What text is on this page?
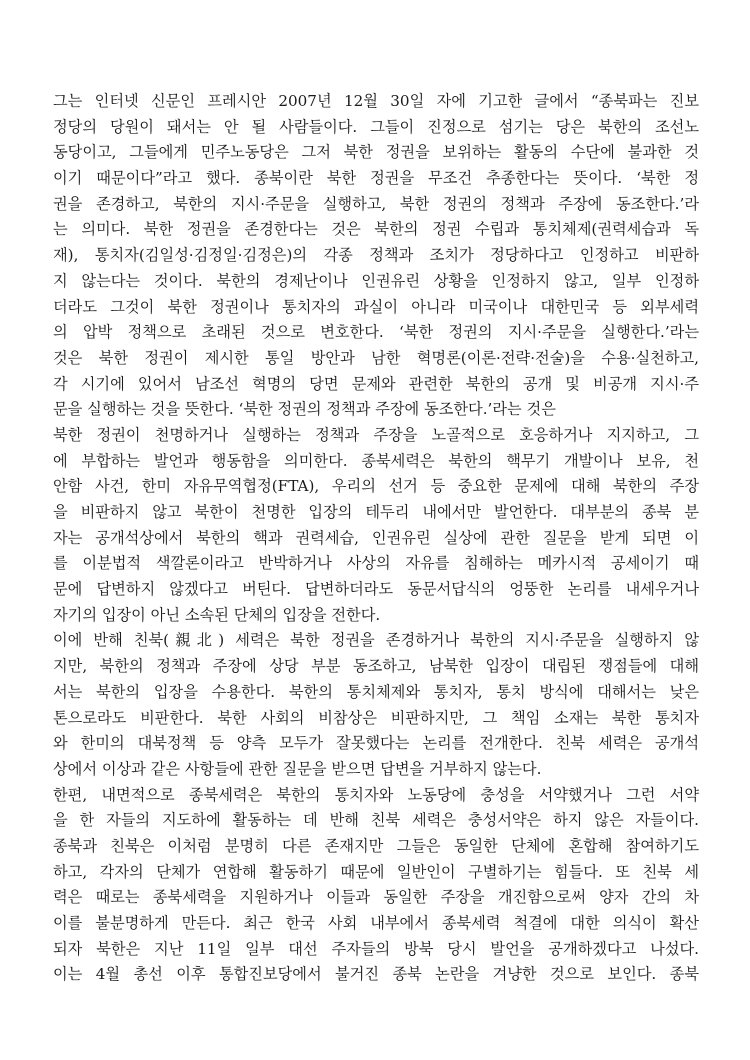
그는 인터넷 신문인 프레시안 2007년 12월 30일 자에 기고한 글에서 “종북파는 진보
정당의 당원이 돼서는 안 될 사람들이다. 그들이 진정으로 섬기는 당은 북한의 조선노
동당이고, 그들에게 민주노동당은 그저 북한 정권을 보위하는 활동의 수단에 불과한 것
이기 때문이다”라고 했다. 종북이란 북한 정권을 무조건 추종한다는 뜻이다. ‘북한 정
권을 존경하고, 북한의 지시·주문을 실행하고, 북한 정권의 정책과 주장에 동조한다.’라
는 의미다. 북한 정권을 존경한다는 것은 북한의 정권 수립과 통치체제(권력세습과 독
재), 통치자(김일성·김정일·김정은)의 각종 정책과 조치가 정당하다고 인정하고 비판하
지 않는다는 것이다. 북한의 경제난이나 인권유린 상황을 인정하지 않고, 일부 인정하
더라도 그것이 북한 정권이나 통치자의 과실이 아니라 미국이나 대한민국 등 외부세력
의 압박 정책으로 초래된 것으로 변호한다. ‘북한 정권의 지시·주문을 실행한다.’라는
것은 북한 정권이 제시한 통일 방안과 남한 혁명론(이론·전략·전술)을 수용·실천하고,
각 시기에 있어서 남조선 혁명의 당면 문제와 관련한 북한의 공개 및 비공개 지시·주
문을 실행하는 것을 뜻한다. ‘북한 정권의 정책과 주장에 동조한다.’라는 것은
북한 정권이 천명하거나 실행하는 정책과 주장을 노골적으로 호응하거나 지지하고, 그
에 부합하는 발언과 행동함을 의미한다. 종북세력은 북한의 핵무기 개발이나 보유, 천
안함 사건, 한미 자유무역협정(FTA), 우리의 선거 등 중요한 문제에 대해 북한의 주장
을 비판하지 않고 북한이 천명한 입장의 테두리 내에서만 발언한다. 대부분의 종북 분
자는 공개석상에서 북한의 핵과 권력세습, 인권유린 실상에 관한 질문을 받게 되면 이
를 이분법적 색깔론이라고 반박하거나 사상의 자유를 침해하는 메카시적 공세이기 때
문에 답변하지 않겠다고 버틴다. 답변하더라도 동문서답식의 엉뚱한 논리를 내세우거나
자기의 입장이 아닌 소속된 단체의 입장을 전한다.
이에 반해 친북(親北) 세력은 북한 정권을 존경하거나 북한의 지시·주문을 실행하지 않
지만, 북한의 정책과 주장에 상당 부분 동조하고, 남북한 입장이 대립된 쟁점들에 대해
서는 북한의 입장을 수용한다. 북한의 통치체제와 통치자, 통치 방식에 대해서는 낮은
톤으로라도 비판한다. 북한 사회의 비참상은 비판하지만, 그 책임 소재는 북한 통치자
와 한미의 대북정책 등 양측 모두가 잘못했다는 논리를 전개한다. 친북 세력은 공개석
상에서 이상과 같은 사항들에 관한 질문을 받으면 답변을 거부하지 않는다.
한편, 내면적으로 종북세력은 북한의 통치자와 노동당에 충성을 서약했거나 그런 서약
을 한 자들의 지도하에 활동하는 데 반해 친북 세력은 충성서약은 하지 않은 자들이다.
종북과 친북은 이처럼 분명히 다른 존재지만 그들은 동일한 단체에 혼합해 참여하기도
하고, 각자의 단체가 연합해 활동하기 때문에 일반인이 구별하기는 힘들다. 또 친북 세
력은 때로는 종북세력을 지원하거나 이들과 동일한 주장을 개진함으로써 양자 간의 차
이를 불분명하게 만든다. 최근 한국 사회 내부에서 종북세력 척결에 대한 의식이 확산
되자 북한은 지난 11일 일부 대선 주자들의 방북 당시 발언을 공개하겠다고 나섰다.
이는 4월 총선 이후 통합진보당에서 불거진 종북 논란을 겨냥한 것으로 보인다. 종북
